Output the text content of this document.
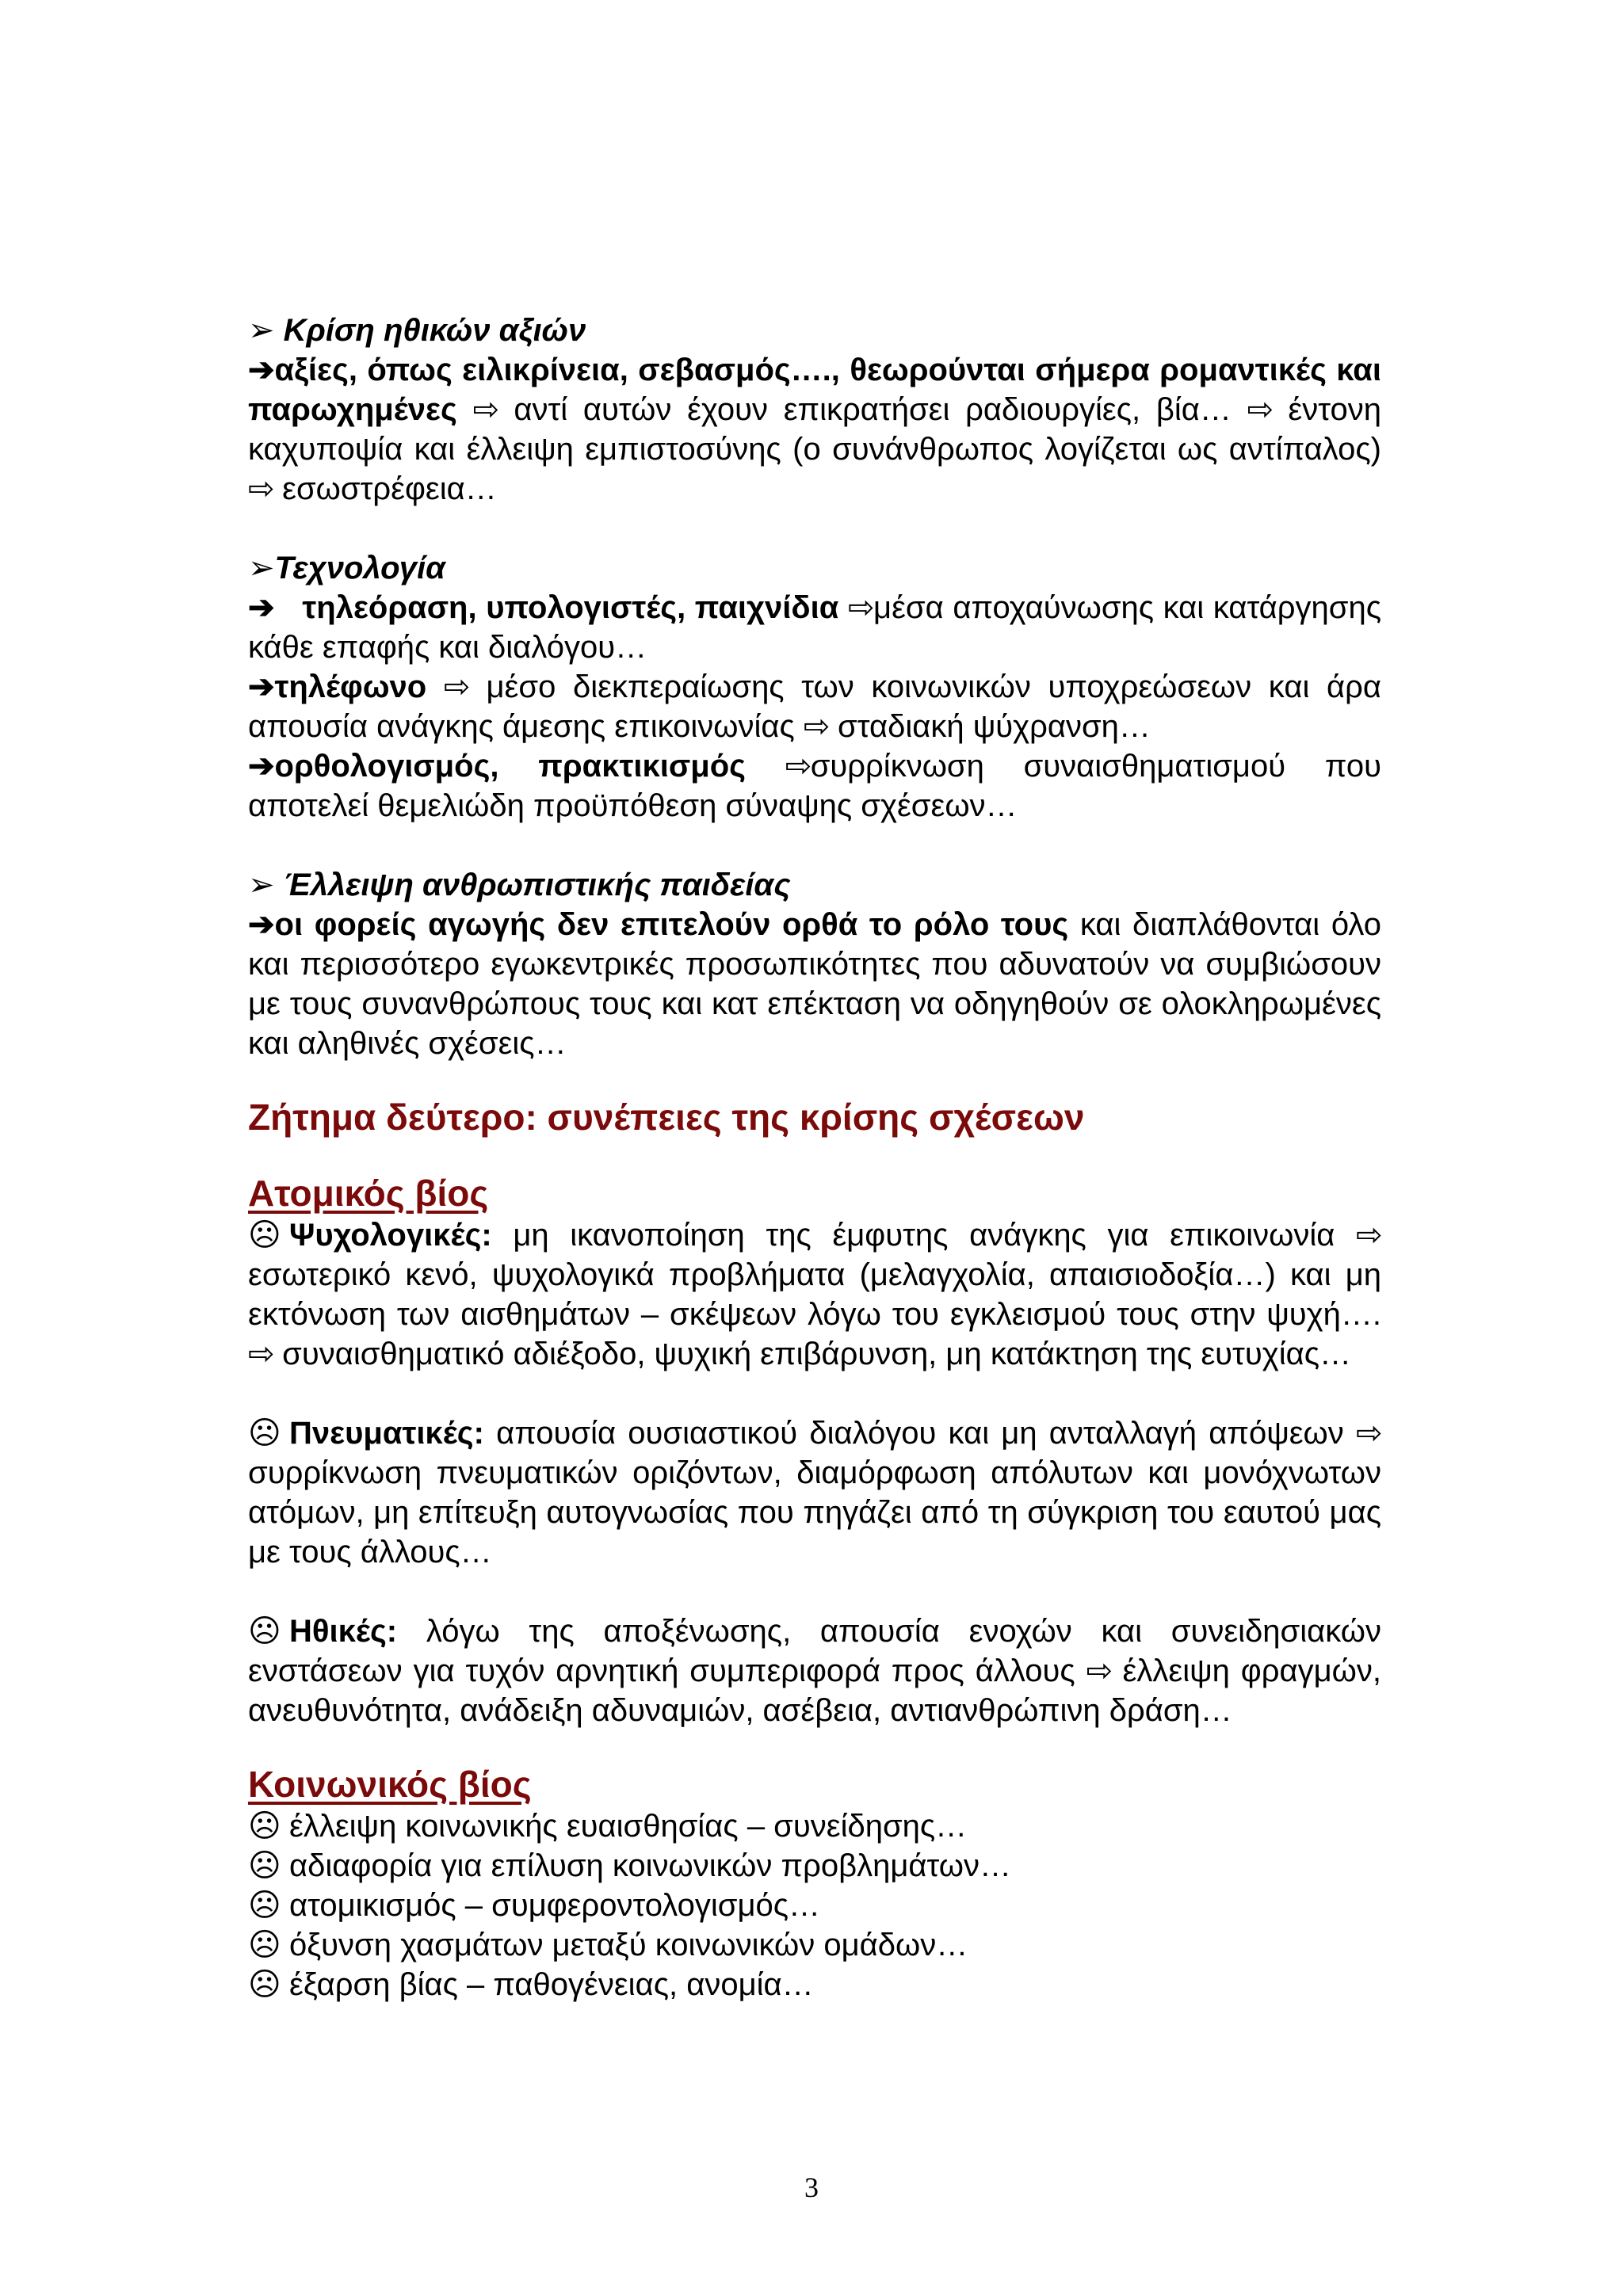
➢ Κρίση ηθικών αξιών

➔αξίες, όπως ειλικρίνεια, σεβασμός…., θεωρούνται σήμερα ρομαντικές και παρωχημένες ⇨ αντί αυτών έχουν επικρατήσει ραδιουργίες, βία… ⇨ έντονη καχυποψία και έλλειψη εμπιστοσύνης (ο συνάνθρωπος λογίζεται ως αντίπαλος) ⇨ εσωστρέφεια…

➢Τεχνολογία

➔ τηλεόραση, υπολογιστές, παιχνίδια ⇨μέσα αποχαύνωσης και κατάργησης κάθε επαφής και διαλόγου…

➔τηλέφωνο ⇨ μέσο διεκπεραίωσης των κοινωνικών υποχρεώσεων και άρα απουσία ανάγκης άμεσης επικοινωνίας ⇨ σταδιακή ψύχρανση…

➔ορθολογισμός, πρακτικισμός ⇨συρρίκνωση συναισθηματισμού που αποτελεί θεμελιώδη προϋπόθεση σύναψης σχέσεων…

➢ Έλλειψη ανθρωπιστικής παιδείας

➔οι φορείς αγωγής δεν επιτελούν ορθά το ρόλο τους και διαπλάθονται όλο και περισσότερο εγωκεντρικές προσωπικότητες που αδυνατούν να συμβιώσουν με τους συνανθρώπους τους και κατ επέκταση να οδηγηθούν σε ολοκληρωμένες και αληθινές σχέσεις…

Ζήτημα δεύτερο: συνέπειες της κρίσης σχέσεων
Ατομικός βίος

☹ Ψυχολογικές: μη ικανοποίηση της έμφυτης ανάγκης για επικοινωνία ⇨ εσωτερικό κενό, ψυχολογικά προβλήματα (μελαγχολία, απαισιοδοξία…) και μη εκτόνωση των αισθημάτων – σκέψεων λόγω του εγκλεισμού τους στην ψυχή….⇨ συναισθηματικό αδιέξοδο, ψυχική επιβάρυνση, μη κατάκτηση της ευτυχίας…

☹ Πνευματικές: απουσία ουσιαστικού διαλόγου και μη ανταλλαγή απόψεων ⇨ συρρίκνωση πνευματικών οριζόντων, διαμόρφωση απόλυτων και μονόχνωτων ατόμων, μη επίτευξη αυτογνωσίας που πηγάζει από τη σύγκριση του εαυτού μας με τους άλλους…

☹ Ηθικές: λόγω της αποξένωσης, απουσία ενοχών και συνειδησιακών ενστάσεων για τυχόν αρνητική συμπεριφορά προς άλλους ⇨ έλλειψη φραγμών, ανευθυνότητα, ανάδειξη αδυναμιών, ασέβεια, αντιανθρώπινη δράση…

Κοινωνικός βίος

☹ έλλειψη κοινωνικής ευαισθησίας – συνείδησης…

☹ αδιαφορία για επίλυση κοινωνικών προβλημάτων…

☹ ατομικισμός – συμφεροντολογισμός…

☹ όξυνση χασμάτων μεταξύ κοινωνικών ομάδων…

☹ έξαρση βίας – παθογένειας, ανομία…

3
